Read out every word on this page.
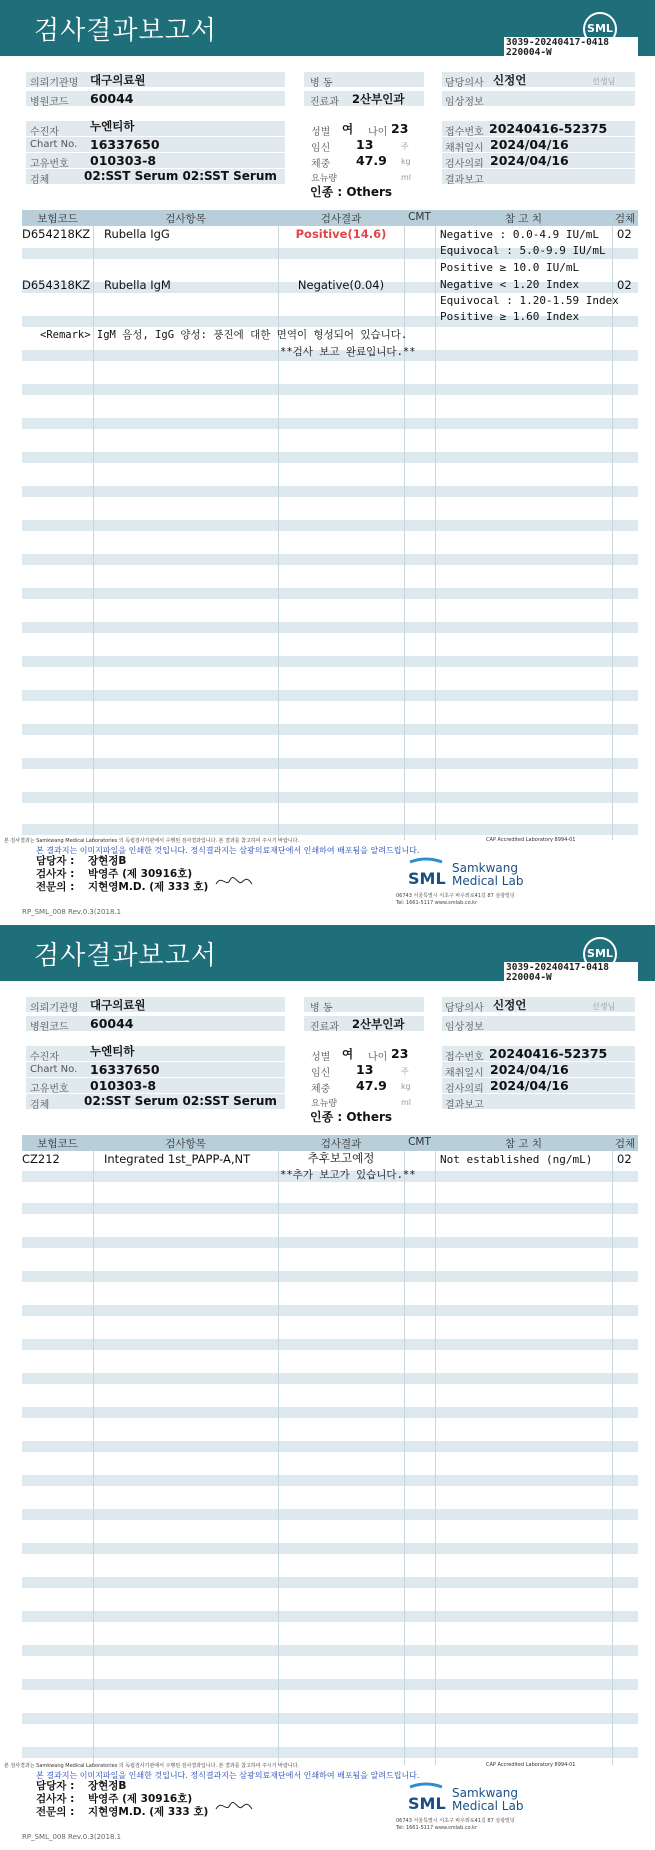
검사결과보고서	SML
3039-20240417-0418
220004-W
의뢰기관명 대구의료원
병원코드 60044
수진자	누엔티하
Chart No. 16337650
고유번호 010303-8
검체	02:SST Serum 02:SST Serum
병 동
진료과 2산부인과
성별 여 나이 23
임신 13	주
체중 47.9 kg
요뉴량	ml
인종 : Others
담당의사 신정언	선생님
임상정보
접수번호 20240416-52375
채취일시 2024/04/16
검사의뢰 2024/04/16
결과보고
보험코드	검사항목	검사결과	CMT	참 고 치	검체
D654218KZ Rubella IgG	Positive(14.6)	Negative : 0.0-4.9 IU/mL
Equivocal : 5.0-9.9 IU/mL
Positive ≥ 10.0 IU/mL
02
D654318KZ Rubella IgM	Negative(0.04)	Negative < 1.20 Index
Equivocal : 1.20-1.59 Index
Positive ≥ 1.60 Index
02
<Remark> IgM 음성, IgG 양성: 풍진에 대한 면역이 형성되어 있습니다.
**검사 보고 완료입니다.**
본 검사결과는 Samkwang Medical Laboratories 의 독립검사기관에서 수행된 검사결과입니다. 본 결과를 참고하여 주시기 바랍니다.	CAP Accredited Laboratory 8994-01
본 결과지는 이미지파일을 인쇄한 것입니다. 정식결과지는 삼광의료재단에서 인쇄하여 배포됨을 알려드립니다.
담당자 : 장현정B
검사자 : 박영주 (제 30916호)
전문의 : 지현영M.D. (제 333 호)
RP_SML_008 Rev.0.3(2018.1
SML
Samkwang
Medical Lab
06743 서울특별시 서초구 바우뫼로41길 87 삼광빌딩
Tel: 1661-5117 www.smlab.co.kr
검사결과보고서	SML
3039-20240417-0418
220004-W
의뢰기관명 대구의료원
병원코드 60044
수진자	누엔티하
Chart No. 16337650
고유번호 010303-8
검체	02:SST Serum 02:SST Serum
병 동
진료과 2산부인과
성별 여 나이 23
임신 13	주
체중 47.9 kg
요뉴량	ml
인종 : Others
담당의사 신정언	선생님
임상정보
접수번호 20240416-52375
채취일시 2024/04/16
검사의뢰 2024/04/16
결과보고
보험코드	검사항목	검사결과	CMT	참 고 치	검체
CZ212	Integrated 1st_PAPP-A,NT	추후보고예정	Not established (ng/mL) 02
**추가 보고가 있습니다.**
본 검사결과는 Samkwang Medical Laboratories 의 독립검사기관에서 수행된 검사결과입니다. 본 결과를 참고하여 주시기 바랍니다.	CAP Accredited Laboratory 8994-01
본 결과지는 이미지파일을 인쇄한 것입니다. 정식결과지는 삼광의료재단에서 인쇄하여 배포됨을 알려드립니다.
담당자 : 장현정B
검사자 : 박영주 (제 30916호)
전문의 : 지현영M.D. (제 333 호)
RP_SML_008 Rev.0.3(2018.1
SML
Samkwang
Medical Lab
06743 서울특별시 서초구 바우뫼로41길 87 삼광빌딩
Tel: 1661-5117 www.smlab.co.kr
